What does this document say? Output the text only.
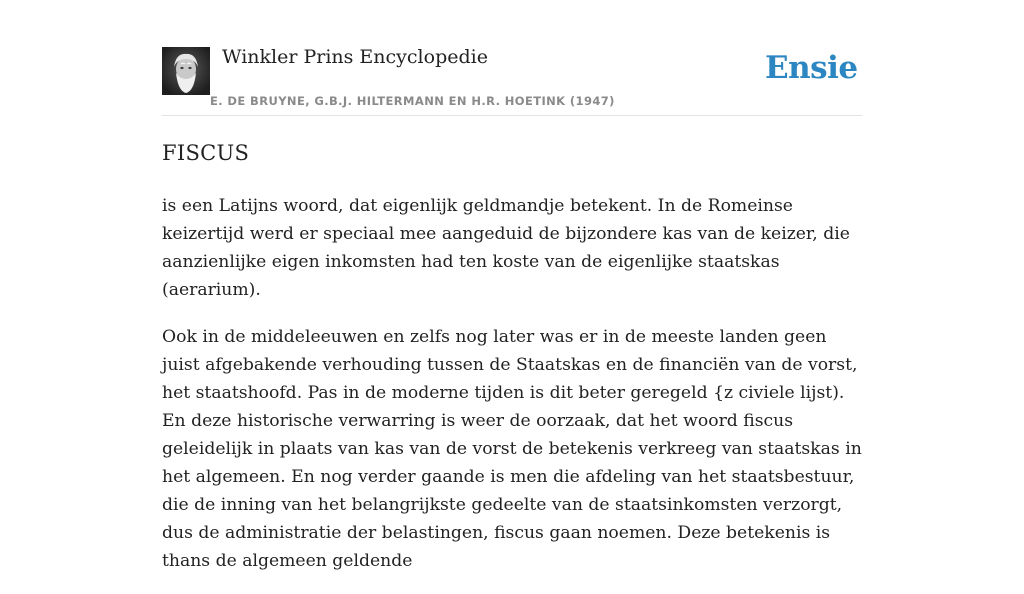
Winkler Prins Encyclopedie
E. DE BRUYNE, G.B.J. HILTERMANN EN H.R. HOETINK (1947)
Ensie
FISCUS

is een Latijns woord, dat eigenlijk geldmandje betekent. In de Romeinse keizertijd werd er speciaal mee aangeduid de bijzondere kas van de keizer, die aanzienlijke eigen inkomsten had ten koste van de eigenlijke staatskas (aerarium).

Ook in de middeleeuwen en zelfs nog later was er in de meeste landen geen juist afgebakende verhouding tussen de Staatskas en de financiën van de vorst, het staatshoofd. Pas in de moderne tijden is dit beter geregeld {z civiele lijst). En deze historische verwarring is weer de oorzaak, dat het woord fiscus geleidelijk in plaats van kas van de vorst de betekenis verkreeg van staatskas in het algemeen. En nog verder gaande is men die afdeling van het staatsbestuur, die de inning van het belangrijkste gedeelte van de staatsinkomsten verzorgt, dus de administratie der belastingen, fiscus gaan noemen. Deze betekenis is thans de algemeen geldende
